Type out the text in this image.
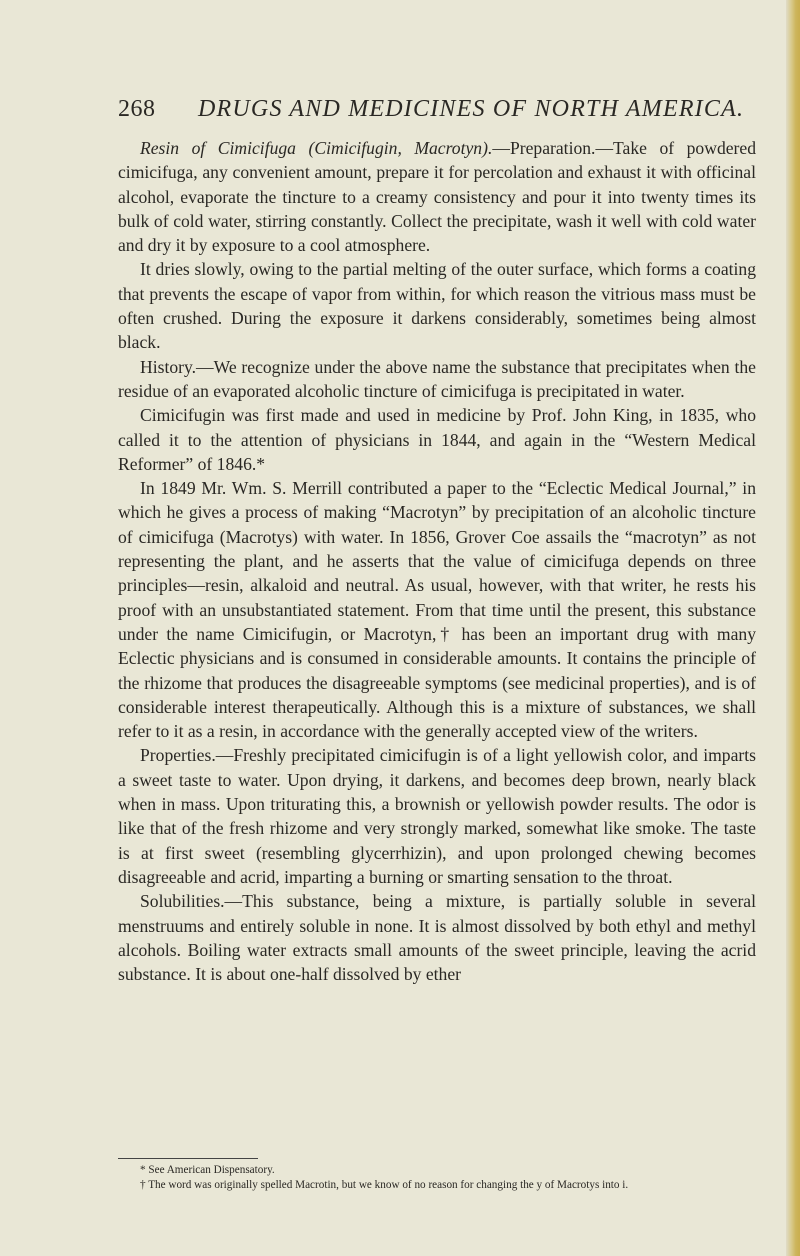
268 DRUGS AND MEDICINES OF NORTH AMERICA.

Resin of Cimicifuga (Cimicifugin, Macrotyn).—Preparation.—Take of powdered cimicifuga, any convenient amount, prepare it for percolation and exhaust it with officinal alcohol, evaporate the tincture to a creamy consistency and pour it into twenty times its bulk of cold water, stirring constantly. Collect the precipitate, wash it well with cold water and dry it by exposure to a cool atmosphere.

It dries slowly, owing to the partial melting of the outer surface, which forms a coating that prevents the escape of vapor from within, for which reason the vitrious mass must be often crushed. During the exposure it darkens considerably, sometimes being almost black.

History.—We recognize under the above name the substance that precipitates when the residue of an evaporated alcoholic tincture of cimicifuga is precipitated in water.

Cimicifugin was first made and used in medicine by Prof. John King, in 1835, who called it to the attention of physicians in 1844, and again in the “Western Medical Reformer” of 1846.*

In 1849 Mr. Wm. S. Merrill contributed a paper to the “Eclectic Medical Journal,” in which he gives a process of making “Macrotyn” by precipitation of an alcoholic tincture of cimicifuga (Macrotys) with water. In 1856, Grover Coe assails the “macrotyn” as not representing the plant, and he asserts that the value of cimicifuga depends on three principles—resin, alkaloid and neutral. As usual, however, with that writer, he rests his proof with an unsubstantiated statement. From that time until the present, this substance under the name Cimicifugin, or Macrotyn,† has been an important drug with many Eclectic physicians and is consumed in considerable amounts. It contains the principle of the rhizome that produces the disagreeable symptoms (see medicinal properties), and is of considerable interest therapeutically. Although this is a mixture of substances, we shall refer to it as a resin, in accordance with the generally accepted view of the writers.

Properties.—Freshly precipitated cimicifugin is of a light yellowish color, and imparts a sweet taste to water. Upon drying, it darkens, and becomes deep brown, nearly black when in mass. Upon triturating this, a brownish or yellowish powder results. The odor is like that of the fresh rhizome and very strongly marked, somewhat like smoke. The taste is at first sweet (resembling glycerrhizin), and upon prolonged chewing becomes disagreeable and acrid, imparting a burning or smarting sensation to the throat.

Solubilities.—This substance, being a mixture, is partially soluble in several menstruums and entirely soluble in none. It is almost dissolved by both ethyl and methyl alcohols. Boiling water extracts small amounts of the sweet principle, leaving the acrid substance. It is about one-half dissolved by ether

* See American Dispensatory.
† The word was originally spelled Macrotin, but we know of no reason for changing the y of Macrotys into i.
